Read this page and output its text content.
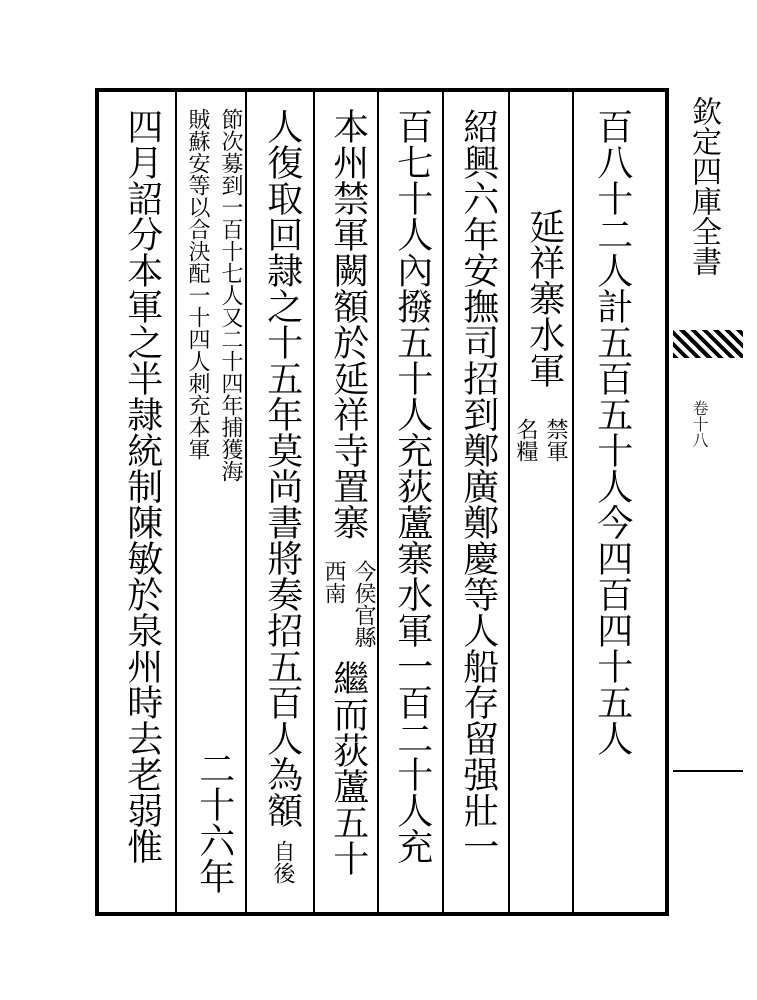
欽定四庫全書
卷十八
百八十二人計五百五十人今四百四十五人
延祥寨水軍
禁軍名糧
紹興六年安撫司招到鄭廣鄭慶等人船存留强壯一
百七十人內撥五十人充荻蘆寨水軍一百二十人充
本州禁軍闕額於延祥寺置寨
今侯官縣西南
繼而荻蘆五十
人復取回隷之十五年莫尚書將奏招五百人為額
自後
節次募到一百十七人又二十四年捕獲海
賊蘇安等以合決配一十四人刺充本軍
二十六年
四月詔分本軍之半隷統制陳敏於泉州時去老弱惟
